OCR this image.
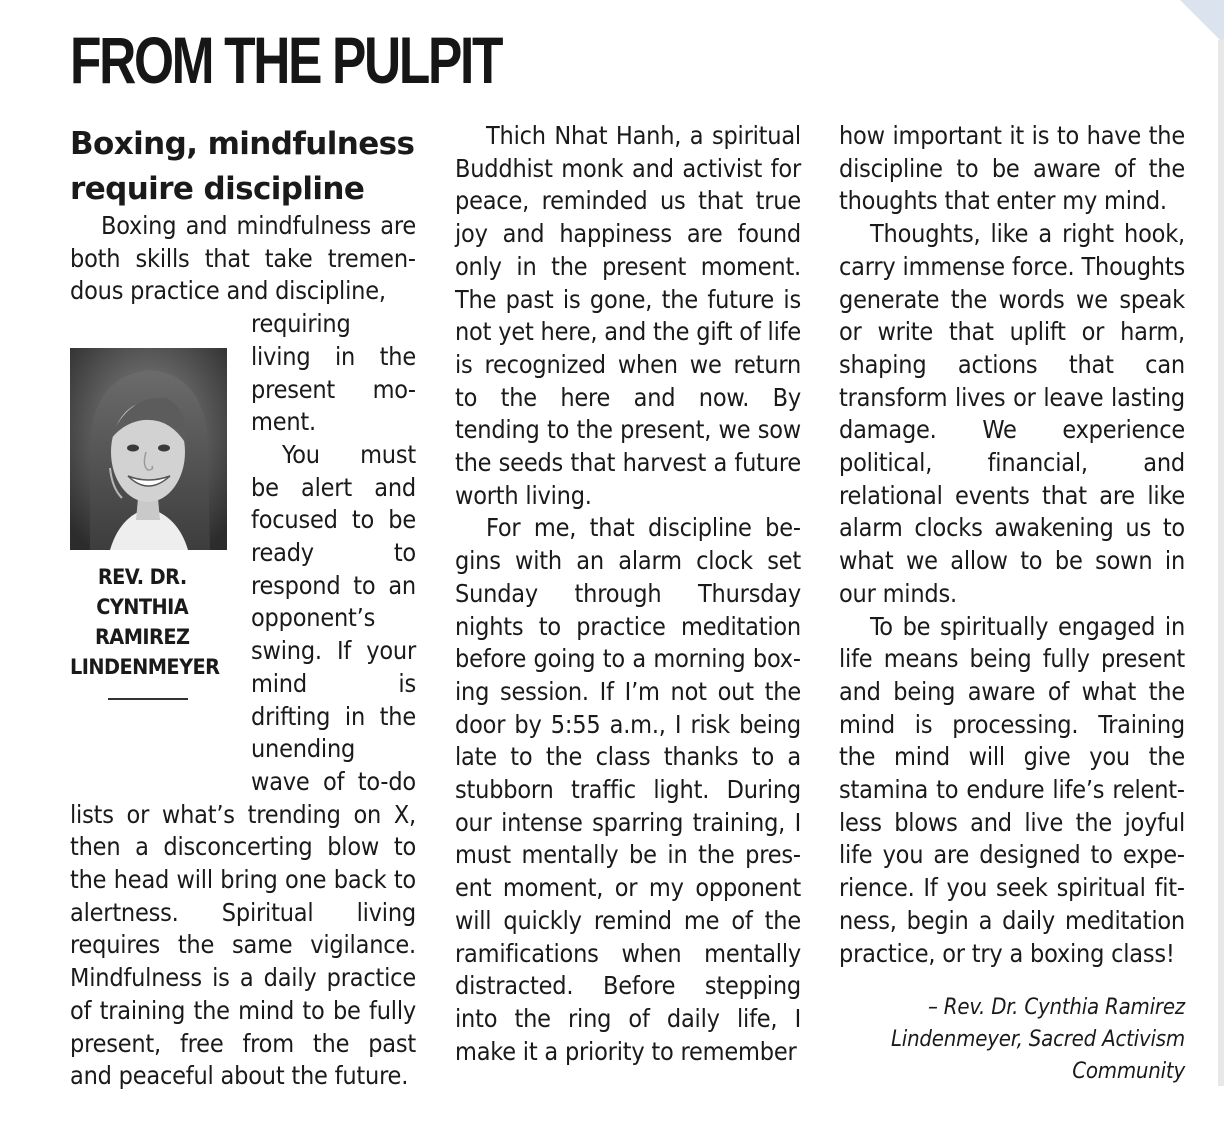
FROM THE PULPIT
Boxing, mindfulness require discipline

Boxing and mindfulness are both skills that take tremendous practice and discipline,

REV. DR.
CYNTHIA
RAMIREZ
LINDENMEYER

requiring living in the present moment.

You must be alert and focused to be ready to respond to an opponent’s swing. If your mind is drifting in the unending wave of to-do lists or what’s trending on X, then a disconcerting blow to the head will bring one back to alertness. Spiritual living requires the same vigilance. Mindfulness is a daily practice of training the mind to be fully present, free from the past and peaceful about the future.

Thich Nhat Hanh, a spiritual Buddhist monk and activist for peace, reminded us that true joy and happiness are found only in the present moment. The past is gone, the future is not yet here, and the gift of life is recognized when we return to the here and now. By tending to the present, we sow the seeds that harvest a future worth living.

For me, that discipline begins with an alarm clock set Sunday through Thursday nights to practice meditation before going to a morning boxing session. If I’m not out the door by 5:55 a.m., I risk being late to the class thanks to a stubborn traffic light. During our intense sparring training, I must mentally be in the present moment, or my opponent will quickly remind me of the ramifications when mentally distracted. Before stepping into the ring of daily life, I make it a priority to remember

how important it is to have the discipline to be aware of the thoughts that enter my mind.

Thoughts, like a right hook, carry immense force. Thoughts generate the words we speak or write that uplift or harm, shaping actions that can transform lives or leave lasting damage. We experience political, financial, and relational events that are like alarm clocks awakening us to what we allow to be sown in our minds.

To be spiritually engaged in life means being fully present and being aware of what the mind is processing. Training the mind will give you the stamina to endure life’s relentless blows and live the joyful life you are designed to experience. If you seek spiritual fitness, begin a daily meditation practice, or try a boxing class!

– Rev. Dr. Cynthia Ramirez
Lindenmeyer, Sacred Activism
Community
